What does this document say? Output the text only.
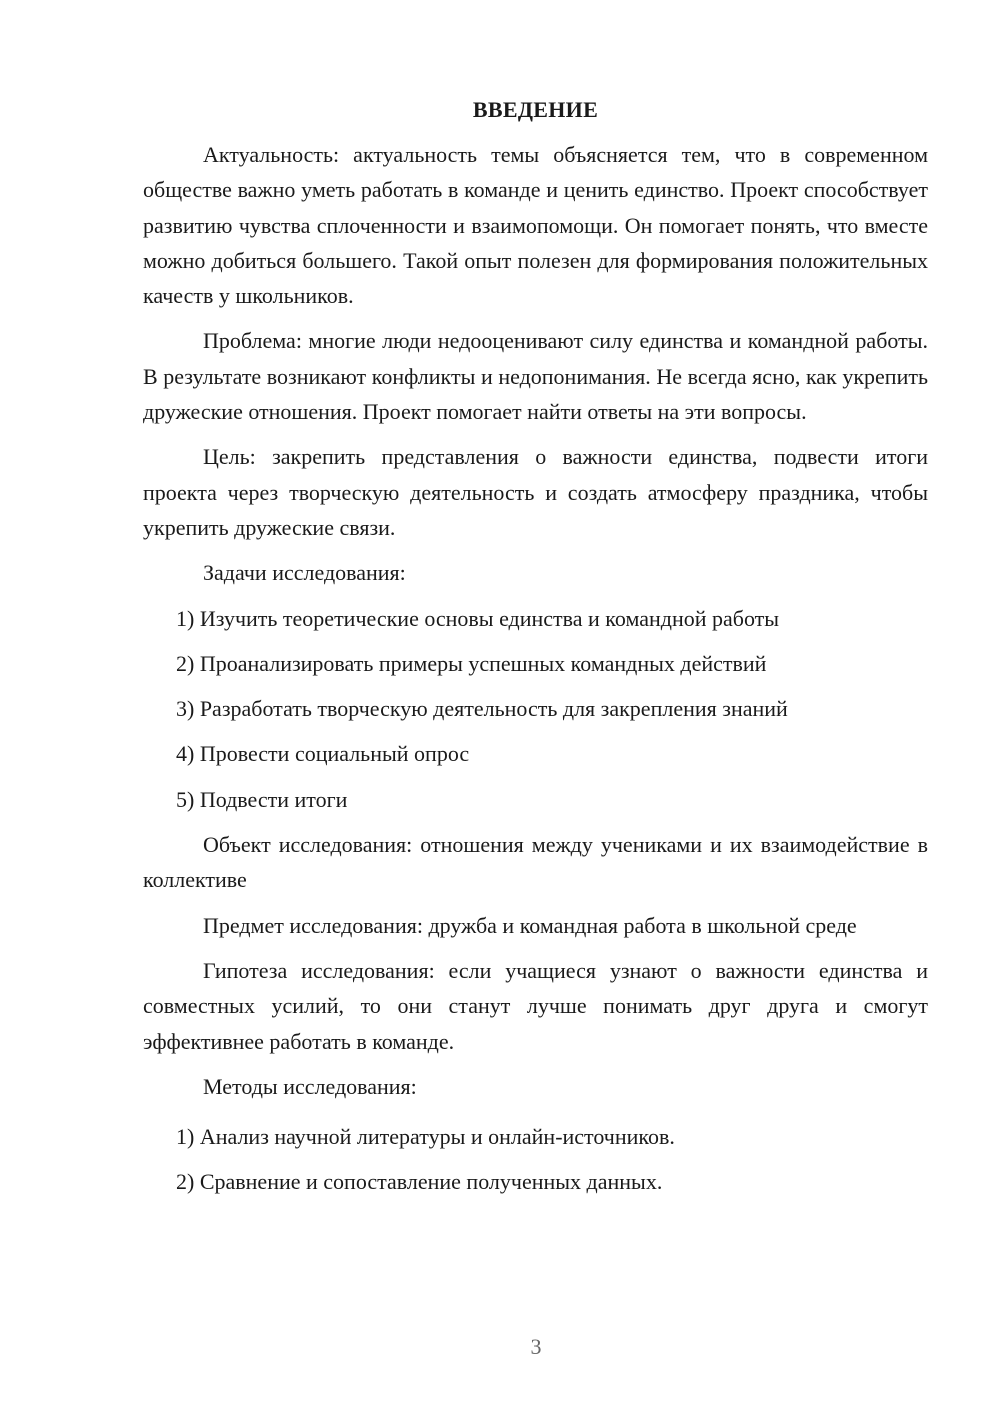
ВВЕДЕНИЕ

Актуальность: актуальность темы объясняется тем, что в современном обществе важно уметь работать в команде и ценить единство. Проект способствует развитию чувства сплоченности и взаимопомощи. Он помогает понять, что вместе можно добиться большего. Такой опыт полезен для формирования положительных качеств у школьников.

Проблема: многие люди недооценивают силу единства и командной работы. В результате возникают конфликты и недопонимания. Не всегда ясно, как укрепить дружеские отношения. Проект помогает найти ответы на эти вопросы.

Цель: закрепить представления о важности единства, подвести итоги проекта через творческую деятельность и создать атмосферу праздника, чтобы укрепить дружеские связи.

Задачи исследования:

1) Изучить теоретические основы единства и командной работы

2) Проанализировать примеры успешных командных действий

3) Разработать творческую деятельность для закрепления знаний

4) Провести социальный опрос

5) Подвести итоги

Объект исследования: отношения между учениками и их взаимодействие в коллективе

Предмет исследования: дружба и командная работа в школьной среде

Гипотеза исследования: если учащиеся узнают о важности единства и совместных усилий, то они станут лучше понимать друг друга и смогут эффективнее работать в команде.

Методы исследования:

1) Анализ научной литературы и онлайн-источников.

2) Сравнение и сопоставление полученных данных.

3
